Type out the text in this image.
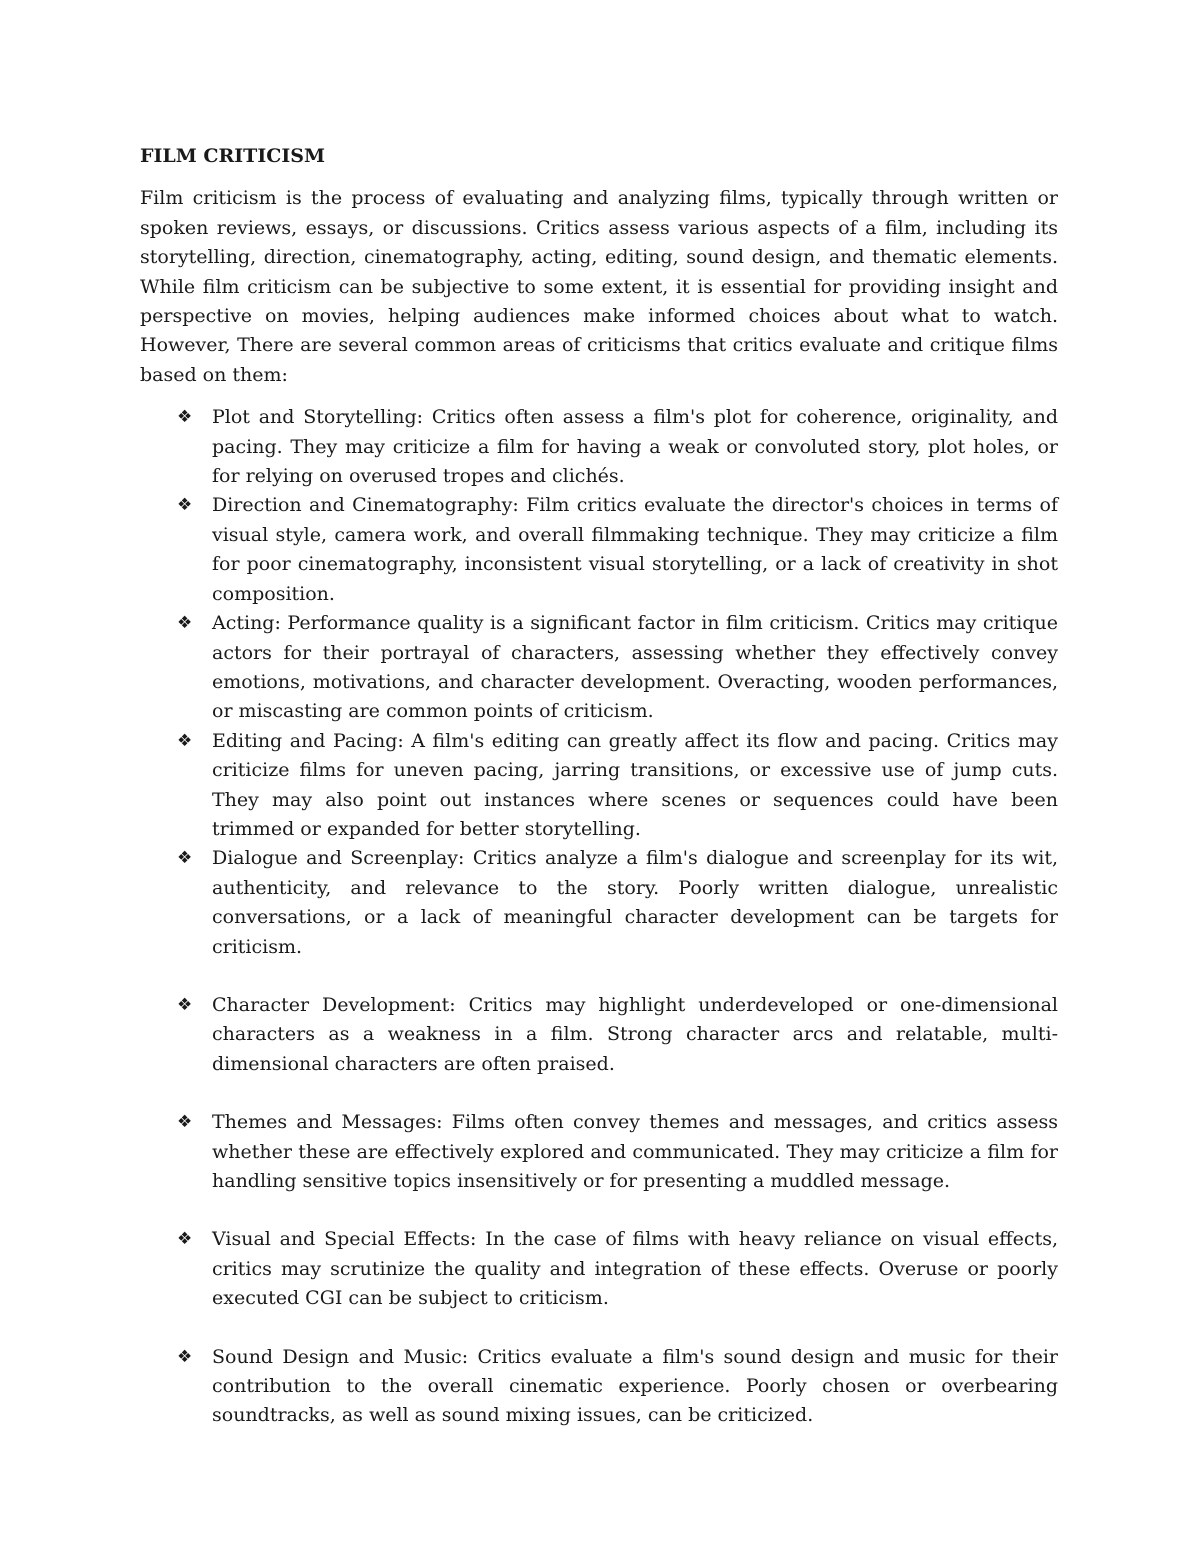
FILM CRITICISM
Film criticism is the process of evaluating and analyzing films, typically through written or spoken reviews, essays, or discussions. Critics assess various aspects of a film, including its storytelling, direction, cinematography, acting, editing, sound design, and thematic elements. While film criticism can be subjective to some extent, it is essential for providing insight and perspective on movies, helping audiences make informed choices about what to watch. However, There are several common areas of criticisms that critics evaluate and critique films based on them:
❖ Plot and Storytelling: Critics often assess a film's plot for coherence, originality, and pacing. They may criticize a film for having a weak or convoluted story, plot holes, or for relying on overused tropes and clichés.
❖ Direction and Cinematography: Film critics evaluate the director's choices in terms of visual style, camera work, and overall filmmaking technique. They may criticize a film for poor cinematography, inconsistent visual storytelling, or a lack of creativity in shot composition.
❖ Acting: Performance quality is a significant factor in film criticism. Critics may critique actors for their portrayal of characters, assessing whether they effectively convey emotions, motivations, and character development. Overacting, wooden performances, or miscasting are common points of criticism.
❖ Editing and Pacing: A film's editing can greatly affect its flow and pacing. Critics may criticize films for uneven pacing, jarring transitions, or excessive use of jump cuts. They may also point out instances where scenes or sequences could have been trimmed or expanded for better storytelling.
❖ Dialogue and Screenplay: Critics analyze a film's dialogue and screenplay for its wit, authenticity, and relevance to the story. Poorly written dialogue, unrealistic conversations, or a lack of meaningful character development can be targets for criticism.
❖ Character Development: Critics may highlight underdeveloped or one-dimensional characters as a weakness in a film. Strong character arcs and relatable, multi-dimensional characters are often praised.
❖ Themes and Messages: Films often convey themes and messages, and critics assess whether these are effectively explored and communicated. They may criticize a film for handling sensitive topics insensitively or for presenting a muddled message.
❖ Visual and Special Effects: In the case of films with heavy reliance on visual effects, critics may scrutinize the quality and integration of these effects. Overuse or poorly executed CGI can be subject to criticism.
❖ Sound Design and Music: Critics evaluate a film's sound design and music for their contribution to the overall cinematic experience. Poorly chosen or overbearing soundtracks, as well as sound mixing issues, can be criticized.
